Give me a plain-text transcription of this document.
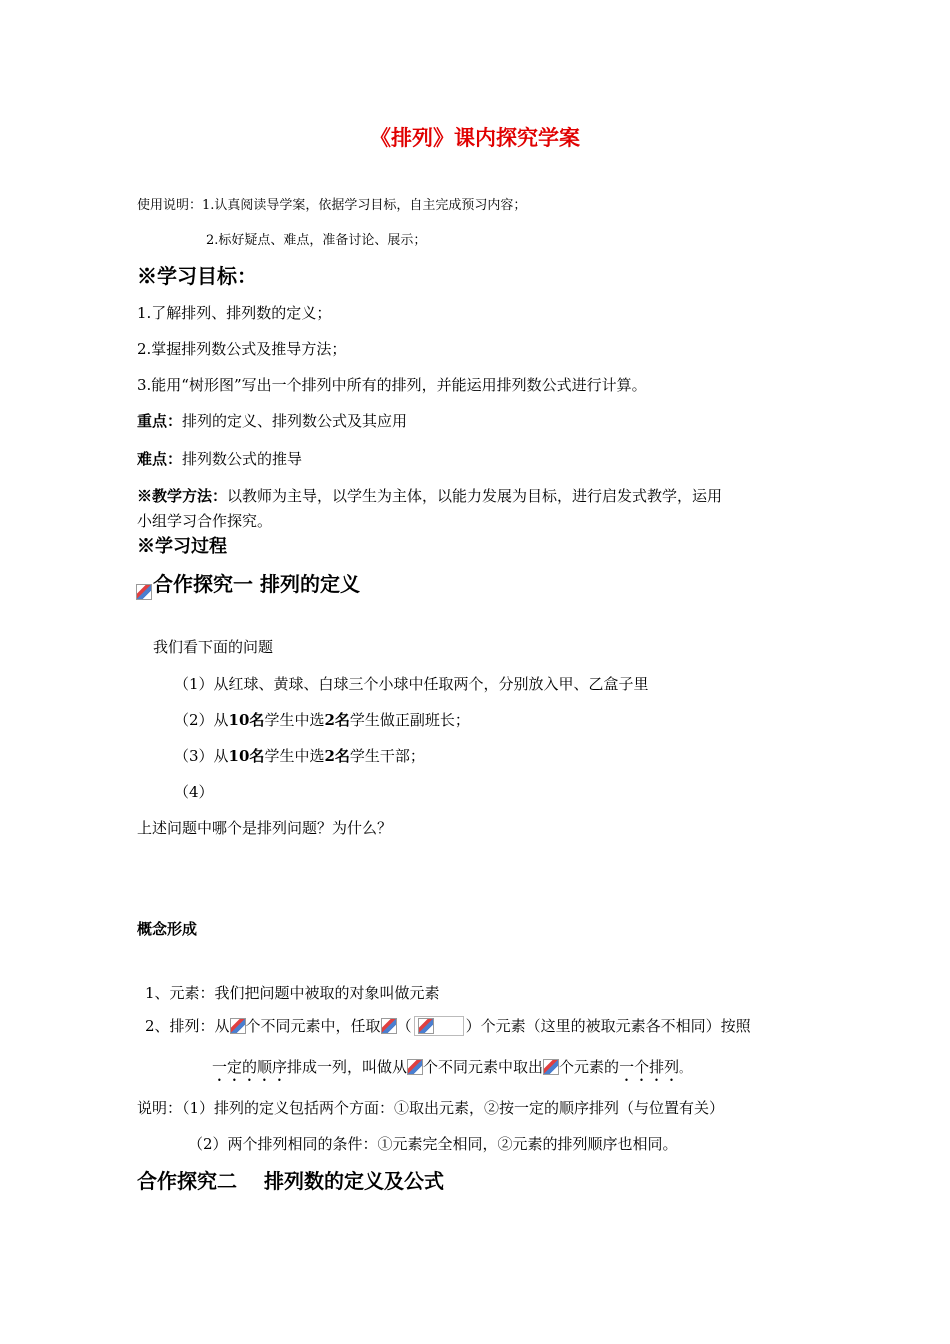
《排列》课内探究学案
使用说明：1.认真阅读导学案，依据学习目标，自主完成预习内容；
2.标好疑点、难点，准备讨论、展示；
※学习目标：
1.了解排列、排列数的定义；
2.掌握排列数公式及推导方法；
3.能用“树形图”写出一个排列中所有的排列，并能运用排列数公式进行计算。
重点：排列的定义、排列数公式及其应用
难点：排列数公式的推导
※教学方法：以教师为主导，以学生为主体，以能力发展为目标，进行启发式教学，运用
小组学习合作探究。
※学习过程
合作探究一 排列的定义
我们看下面的问题
（1）从红球、黄球、白球三个小球中任取两个，分别放入甲、乙盒子里
（2）从10名学生中选2名学生做正副班长；
（3）从10名学生中选2名学生干部；
（4）
上述问题中哪个是排列问题？为什么？
概念形成
1、元素：我们把问题中被取的对象叫做元素
2、排列：从 个不同元素中，任取 （	）个元素（这里的被取元素各不相同）按照
一定的顺序排成一列，叫做从 个不同元素中取出 个元素的一个排列。
说明：（1）排列的定义包括两个方面：①取出元素，②按一定的顺序排列（与位置有关）
（2）两个排列相同的条件：①元素完全相同，②元素的排列顺序也相同。
合作探究二　 排列数的定义及公式
